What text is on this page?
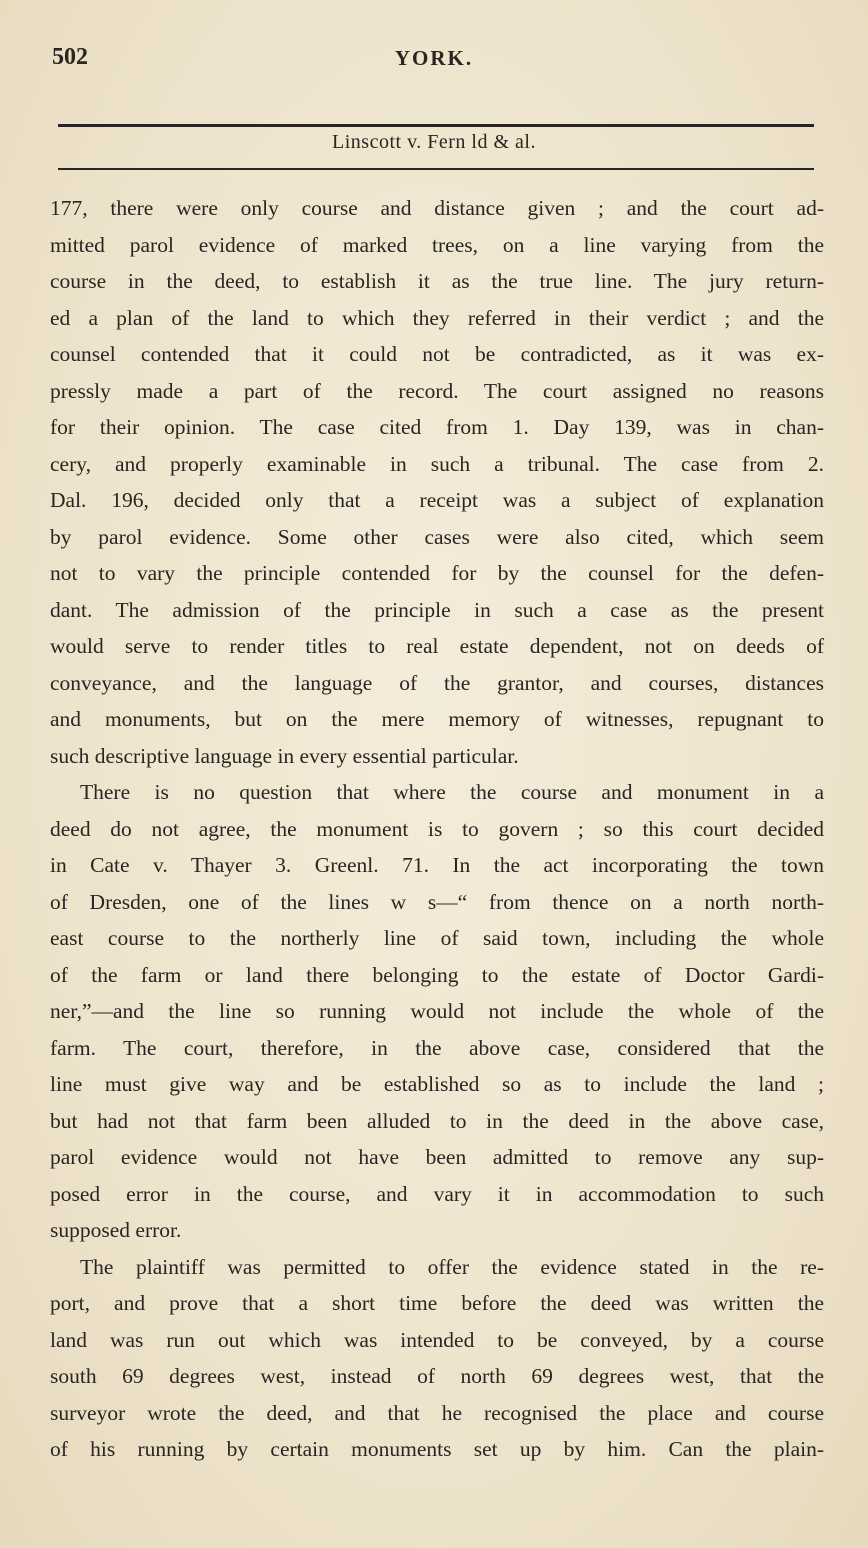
502	YORK.
Linscott v. Fern ld & al.
177, there were only course and distance given ; and the court ad-
mitted parol evidence of marked trees, on a line varying from the
course in the deed, to establish it as the true line. The jury return-
ed a plan of the land to which they referred in their verdict ; and the
counsel contended that it could not be contradicted, as it was ex-
pressly made a part of the record. The court assigned no reasons
for their opinion. The case cited from 1. Day 139, was in chan-
cery, and properly examinable in such a tribunal. The case from 2.
Dal. 196, decided only that a receipt was a subject of explanation
by parol evidence. Some other cases were also cited, which seem
not to vary the principle contended for by the counsel for the defen-
dant. The admission of the principle in such a case as the present
would serve to render titles to real estate dependent, not on deeds of
conveyance, and the language of the grantor, and courses, distances
and monuments, but on the mere memory of witnesses, repugnant to
such descriptive language in every essential particular.
There is no question that where the course and monument in a
deed do not agree, the monument is to govern ; so this court decided
in Cate v. Thayer 3. Greenl. 71. In the act incorporating the town
of Dresden, one of the lines w s—“ from thence on a north north-
east course to the northerly line of said town, including the whole
of the farm or land there belonging to the estate of Doctor Gardi-
ner,”—and the line so running would not include the whole of the
farm. The court, therefore, in the above case, considered that the
line must give way and be established so as to include the land ;
but had not that farm been alluded to in the deed in the above case,
parol evidence would not have been admitted to remove any sup-
posed error in the course, and vary it in accommodation to such
supposed error.
The plaintiff was permitted to offer the evidence stated in the re-
port, and prove that a short time before the deed was written the
land was run out which was intended to be conveyed, by a course
south 69 degrees west, instead of north 69 degrees west, that the
surveyor wrote the deed, and that he recognised the place and course
of his running by certain monuments set up by him. Can the plain-
